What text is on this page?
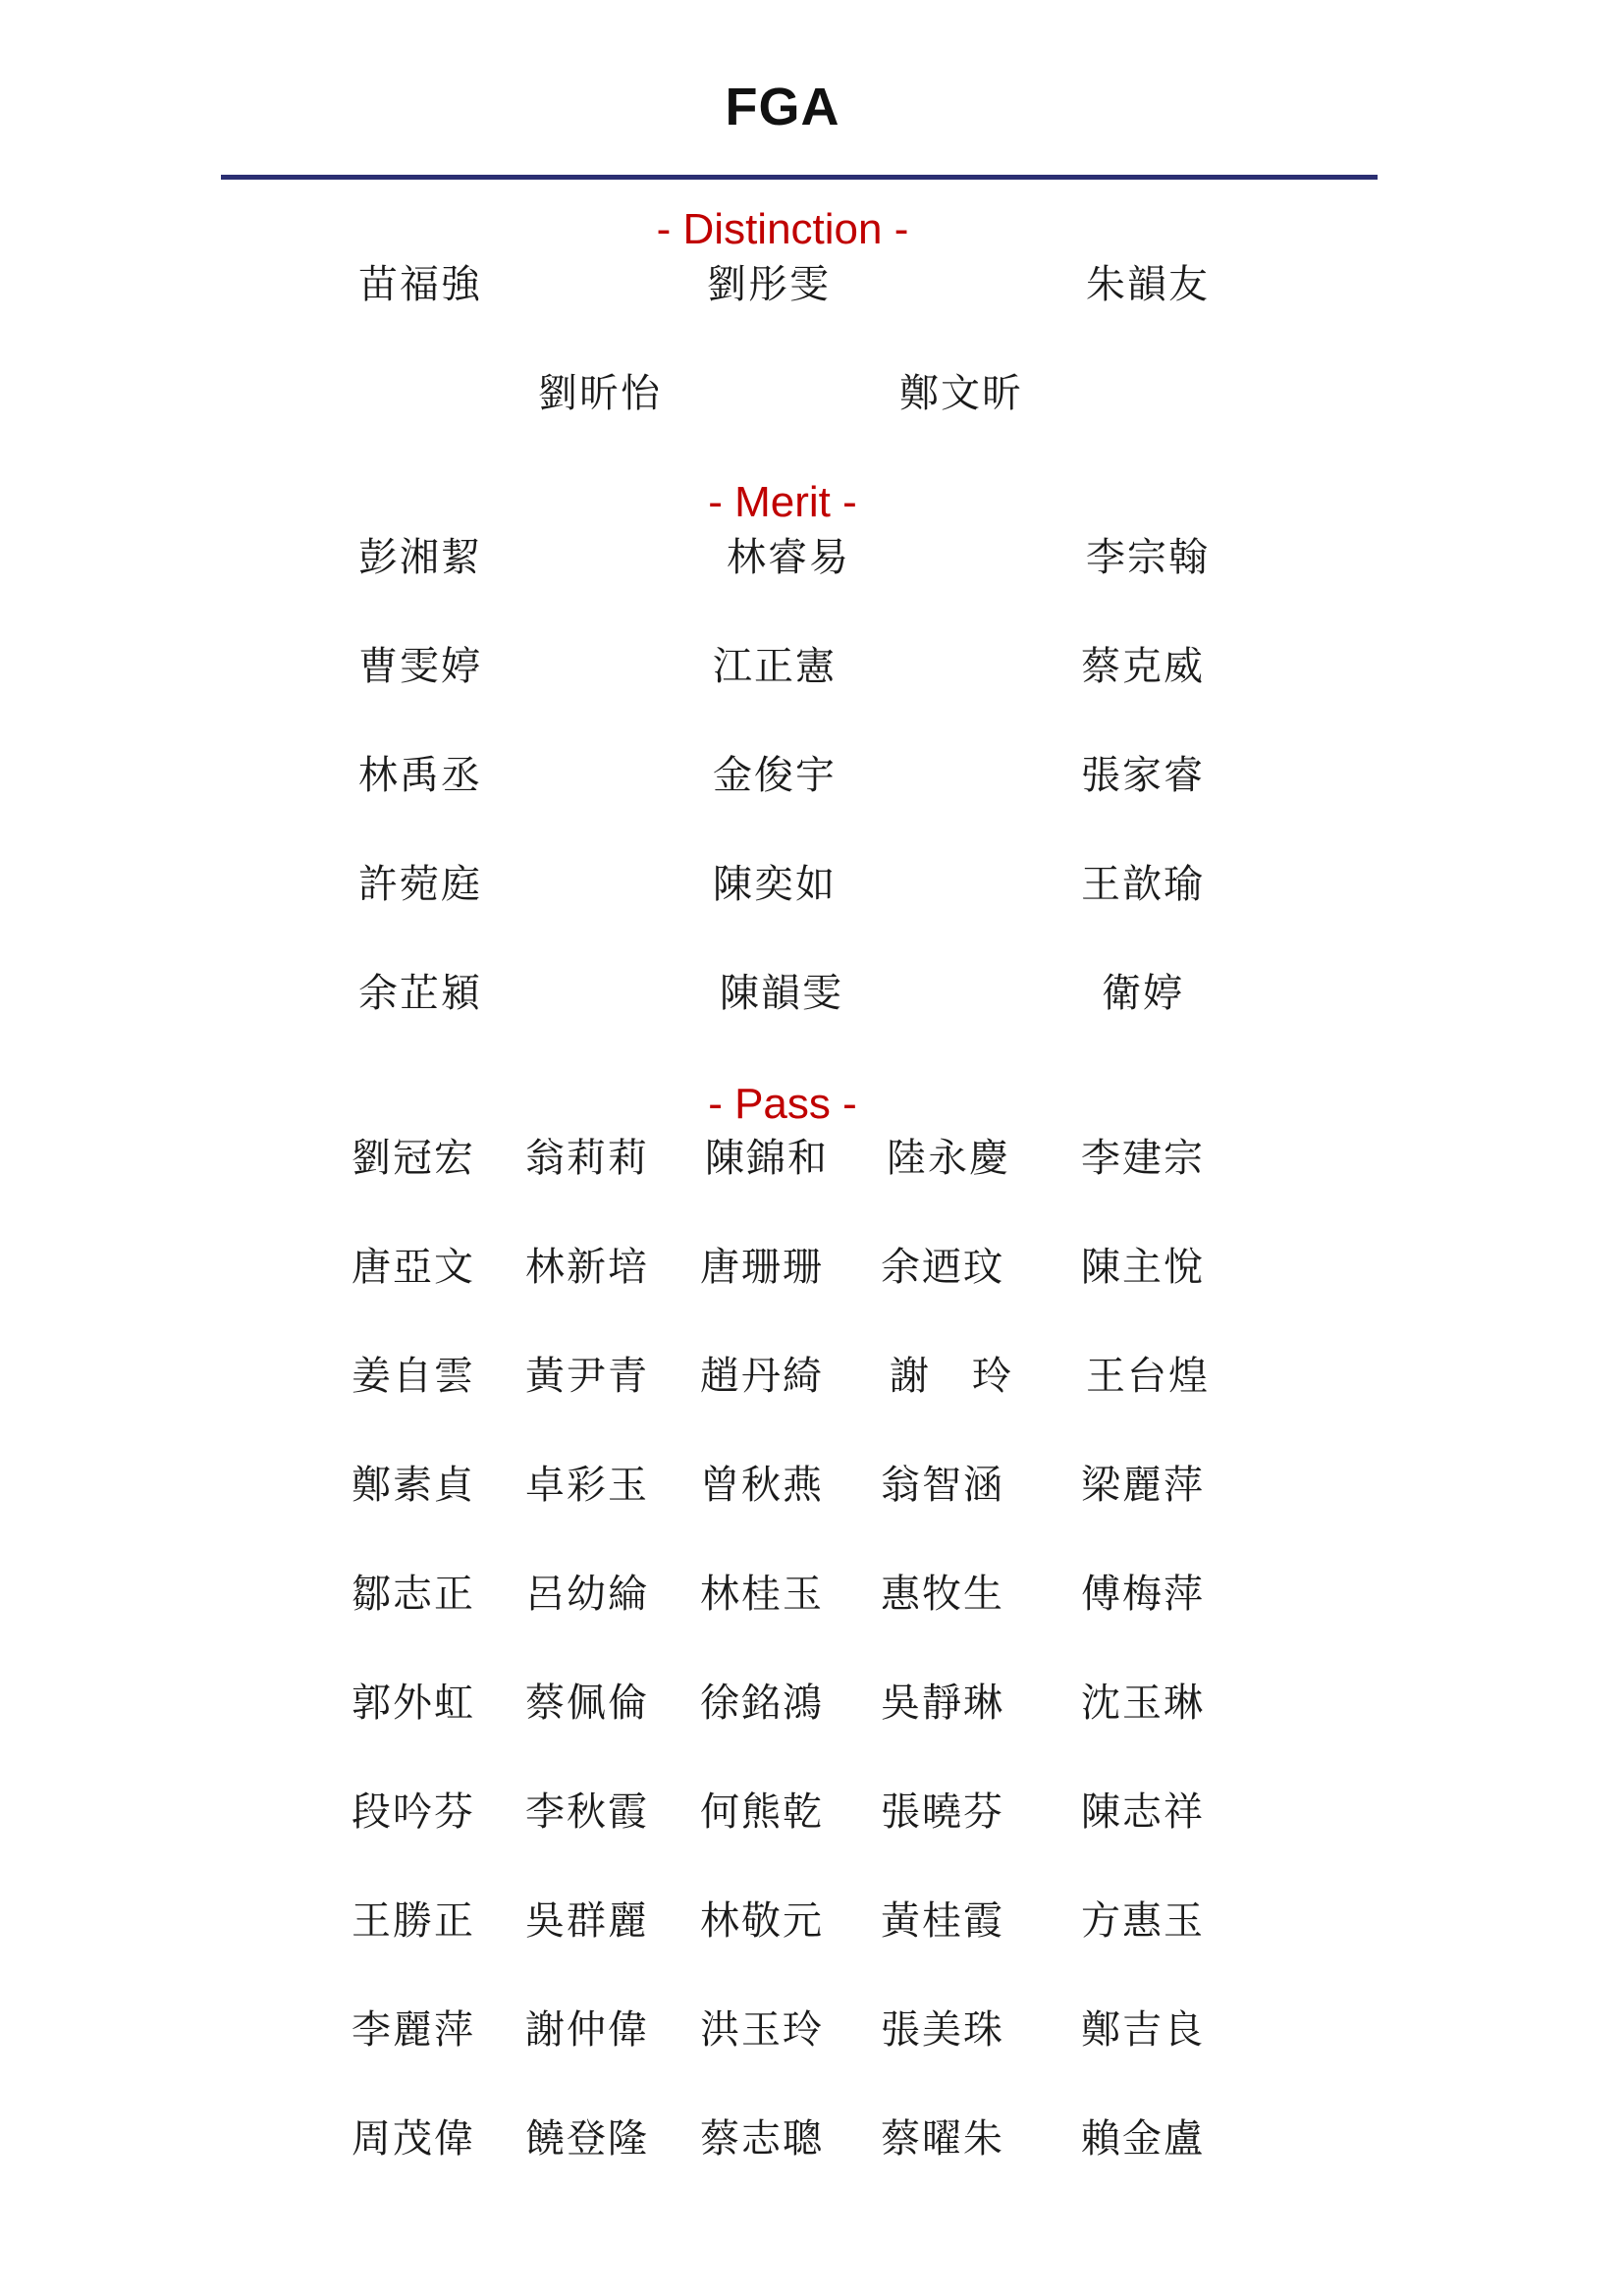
FGA
- Distinction -
苗福強	劉彤雯	朱韻友
劉昕怡	鄭文昕
- Merit -
彭湘絜	林睿易	李宗翰
曹雯婷	江正憲	蔡克威
林禹丞	金俊宇	張家睿
許菀庭	陳奕如	王歆瑜
余芷潁	陳韻雯	衛婷
- Pass -
劉冠宏 翁莉莉 陳錦和 陸永慶 李建宗
唐亞文 林新培 唐珊珊 余迺玟 陳主悅
姜自雲 黃尹青 趙丹綺 謝　玲 王台煌
鄭素貞 卓彩玉 曾秋燕 翁智涵 梁麗萍
鄒志正 呂幼綸 林桂玉 惠牧生 傅梅萍
郭外虹 蔡佩倫 徐銘鴻 吳靜琳 沈玉琳
段吟芬 李秋霞 何熊乾 張曉芬 陳志祥
王勝正 吳群麗 林敬元 黃桂霞 方惠玉
李麗萍 謝仲偉 洪玉玲 張美珠 鄭吉良
周茂偉 饒登隆 蔡志聰 蔡曜朱 賴金盧
